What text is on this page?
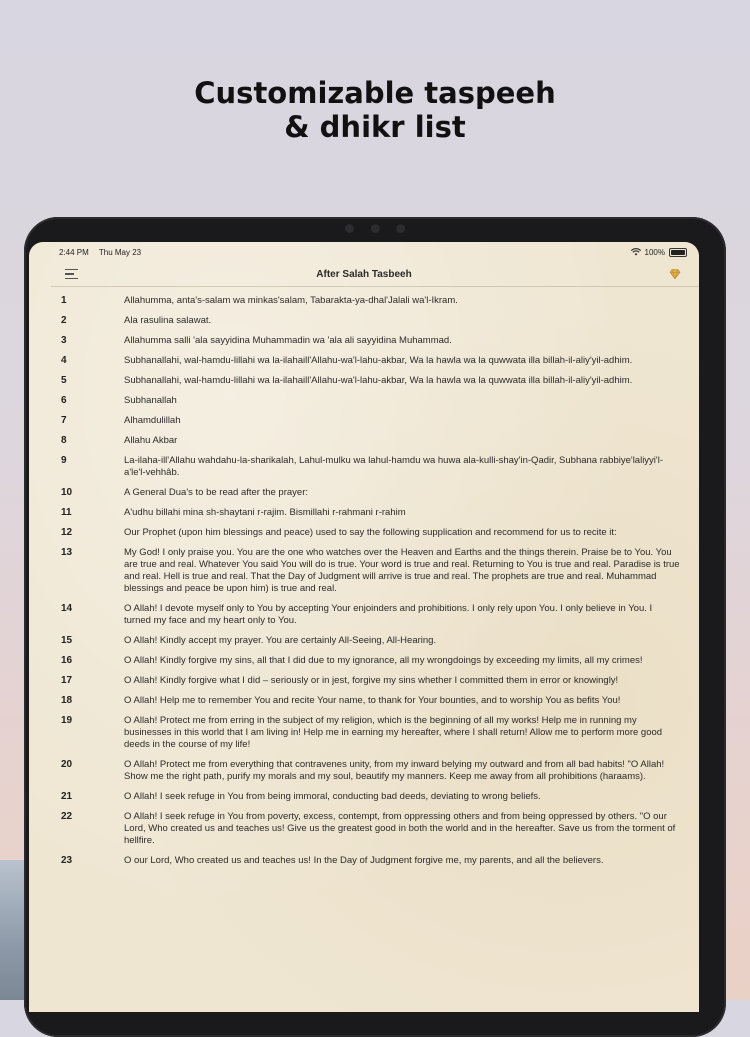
Customizable taspeeh
& dhikr list
2:44 PM Thu May 23	100%
After Salah Tasbeeh
1	Allahumma, anta's-salam wa minkas'salam, Tabarakta-ya-dhal'Jalali wa'l-Ikram.
2	Ala rasulina salawat.
3	Allahumma salli 'ala sayyidina Muhammadin wa 'ala ali sayyidina Muhammad.
4	Subhanallahi, wal-hamdu-lillahi wa la-ilahaill'Allahu-wa'l-lahu-akbar, Wa la hawla wa la quwwata illa billah-il-aliy'yil-adhim.
5	Subhanallahi, wal-hamdu-lillahi wa la-ilahaill'Allahu-wa'l-lahu-akbar, Wa la hawla wa la quwwata illa billah-il-aliy'yil-adhim.
6	Subhanallah
7	Alhamdulillah
8	Allahu Akbar
9	La-ilaha-ill'Allahu wahdahu-la-sharikalah, Lahul-mulku wa lahul-hamdu wa huwa ala-kulli-shay'in-Qadir, Subhana rabbiye'laliyyi'l-a'le'l-vehhâb.
10	A General Dua's to be read after the prayer:
11	A'udhu billahi mina sh-shaytani r-rajim. Bismillahi r-rahmani r-rahim
12	Our Prophet (upon him blessings and peace) used to say the following supplication and recommend for us to recite it:
13	My God! I only praise you. You are the one who watches over the Heaven and Earths and the things therein. Praise be to You. You are true and real. Whatever You said You will do is true. Your word is true and real. Returning to You is true and real. Paradise is true and real. Hell is true and real. That the Day of Judgment will arrive is true and real. The prophets are true and real. Muhammad blessings and peace be upon him) is true and real.
14	O Allah! I devote myself only to You by accepting Your enjoinders and prohibitions. I only rely upon You. I only believe in You. I turned my face and my heart only to You.
15	O Allah! Kindly accept my prayer. You are certainly All-Seeing, All-Hearing.
16	O Allah! Kindly forgive my sins, all that I did due to my ignorance, all my wrongdoings by exceeding my limits, all my crimes!
17	O Allah! Kindly forgive what I did – seriously or in jest, forgive my sins whether I committed them in error or knowingly!
18	O Allah! Help me to remember You and recite Your name, to thank for Your bounties, and to worship You as befits You!
19	O Allah! Protect me from erring in the subject of my religion, which is the beginning of all my works! Help me in running my businesses in this world that I am living in! Help me in earning my hereafter, where I shall return! Allow me to perform more good deeds in the course of my life!
20	O Allah! Protect me from everything that contravenes unity, from my inward belying my outward and from all bad habits! "O Allah! Show me the right path, purify my morals and my soul, beautify my manners. Keep me away from all prohibitions (haraams).
21	O Allah! I seek refuge in You from being immoral, conducting bad deeds, deviating to wrong beliefs.
22	O Allah! I seek refuge in You from poverty, excess, contempt, from oppressing others and from being oppressed by others. "O our Lord, Who created us and teaches us! Give us the greatest good in both the world and in the hereafter. Save us from the torment of hellfire.
23	O our Lord, Who created us and teaches us! In the Day of Judgment forgive me, my parents, and all the believers.
